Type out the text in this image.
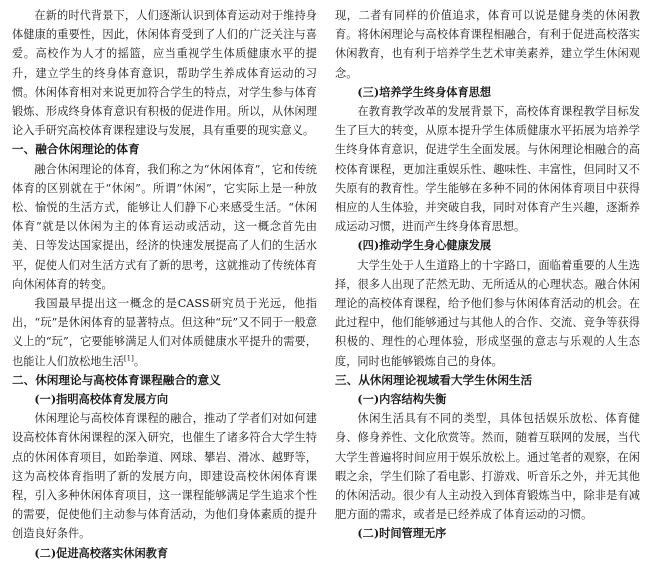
在新的时代背景下，人们逐渐认识到体育运动对于维持身体健康的重要性，因此，休闲体育受到了人们的广泛关注与喜爱。高校作为人才的摇篮，应当重视学生体质健康水平的提升，建立学生的终身体育意识，帮助学生养成体育运动的习惯。休闲体育相对来说更加符合学生的特点，对学生参与体育锻炼、形成终身体育意识有积极的促进作用。所以，从休闲理论入手研究高校体育课程建设与发展，具有重要的现实意义。

一、融合休闲理论的体育

融合休闲理论的体育，我们称之为“休闲体育”，它和传统体育的区别就在于“休闲”。所谓“休闲”，它实际上是一种放松、愉悦的生活方式，能够让人们静下心来感受生活。“休闲体育”就是以休闲为主的体育运动或活动，这一概念首先由美、日等发达国家提出，经济的快速发展提高了人们的生活水平，促使人们对生活方式有了新的思考，这就推动了传统体育向休闲体育的转变。

我国最早提出这一概念的是CASS研究员于光远，他指出，“玩”是休闲体育的显著特点。但这种“玩”又不同于一般意义上的“玩”，它要能够满足人们对体质健康水平提升的需要，也能让人们放松地生活[1]。

二、休闲理论与高校体育课程融合的意义
(一)指明高校体育发展方向

休闲理论与高校体育课程的融合，推动了学者们对如何建设高校体育休闲课程的深入研究，也催生了诸多符合大学生特点的休闲体育项目，如跆拳道、网球、攀岩、滑冰、越野等，这为高校体育指明了新的发展方向，即建设高校休闲体育课程，引入多种休闲体育项目，这一课程能够满足学生追求个性的需要，促使他们主动参与体育活动，为他们身体素质的提升创造良好条件。

(二)促进高校落实休闲教育

现，二者有同样的价值追求，体育可以说是健身类的休闲教育。将休闲理论与高校体育课程相融合，有利于促进高校落实休闲教育，也有利于培养学生艺术审美素养，建立学生休闲观念。

(三)培养学生终身体育思想

在教育教学改革的发展背景下，高校体育课程教学目标发生了巨大的转变，从原本提升学生体质健康水平拓展为培养学生终身体育意识，促进学生全面发展。与休闲理论相融合的高校体育课程，更加注重娱乐性、趣味性、丰富性，但同时又不失原有的教育性。学生能够在多种不同的休闲体育项目中获得相应的人生体验，并突破自我，同时对体育产生兴趣，逐渐养成运动习惯，进而产生终身体育思想。

(四)推动学生身心健康发展

大学生处于人生道路上的十字路口，面临着重要的人生选择，很多人出现了茫然无助、无所适从的心理状态。融合休闲理论的高校体育课程，给予他们参与休闲体育活动的机会。在此过程中，他们能够通过与其他人的合作、交流、竞争等获得积极的、理性的心理体验，形成坚强的意志与乐观的人生态度，同时也能够锻炼自己的身体。

三、从休闲理论视域看大学生休闲生活
(一)内容结构失衡

休闲生活具有不同的类型，具体包括娱乐放松、体育健身、修身养性、文化欣赏等。然而，随着互联网的发展，当代大学生普遍将时间应用于娱乐放松上。通过笔者的观察，在闲暇之余，学生们除了看电影、打游戏、听音乐之外，并无其他的休闲活动。很少有人主动投入到体育锻炼当中，除非是有减肥方面的需求，或者是已经养成了体育运动的习惯。

(二)时间管理无序
